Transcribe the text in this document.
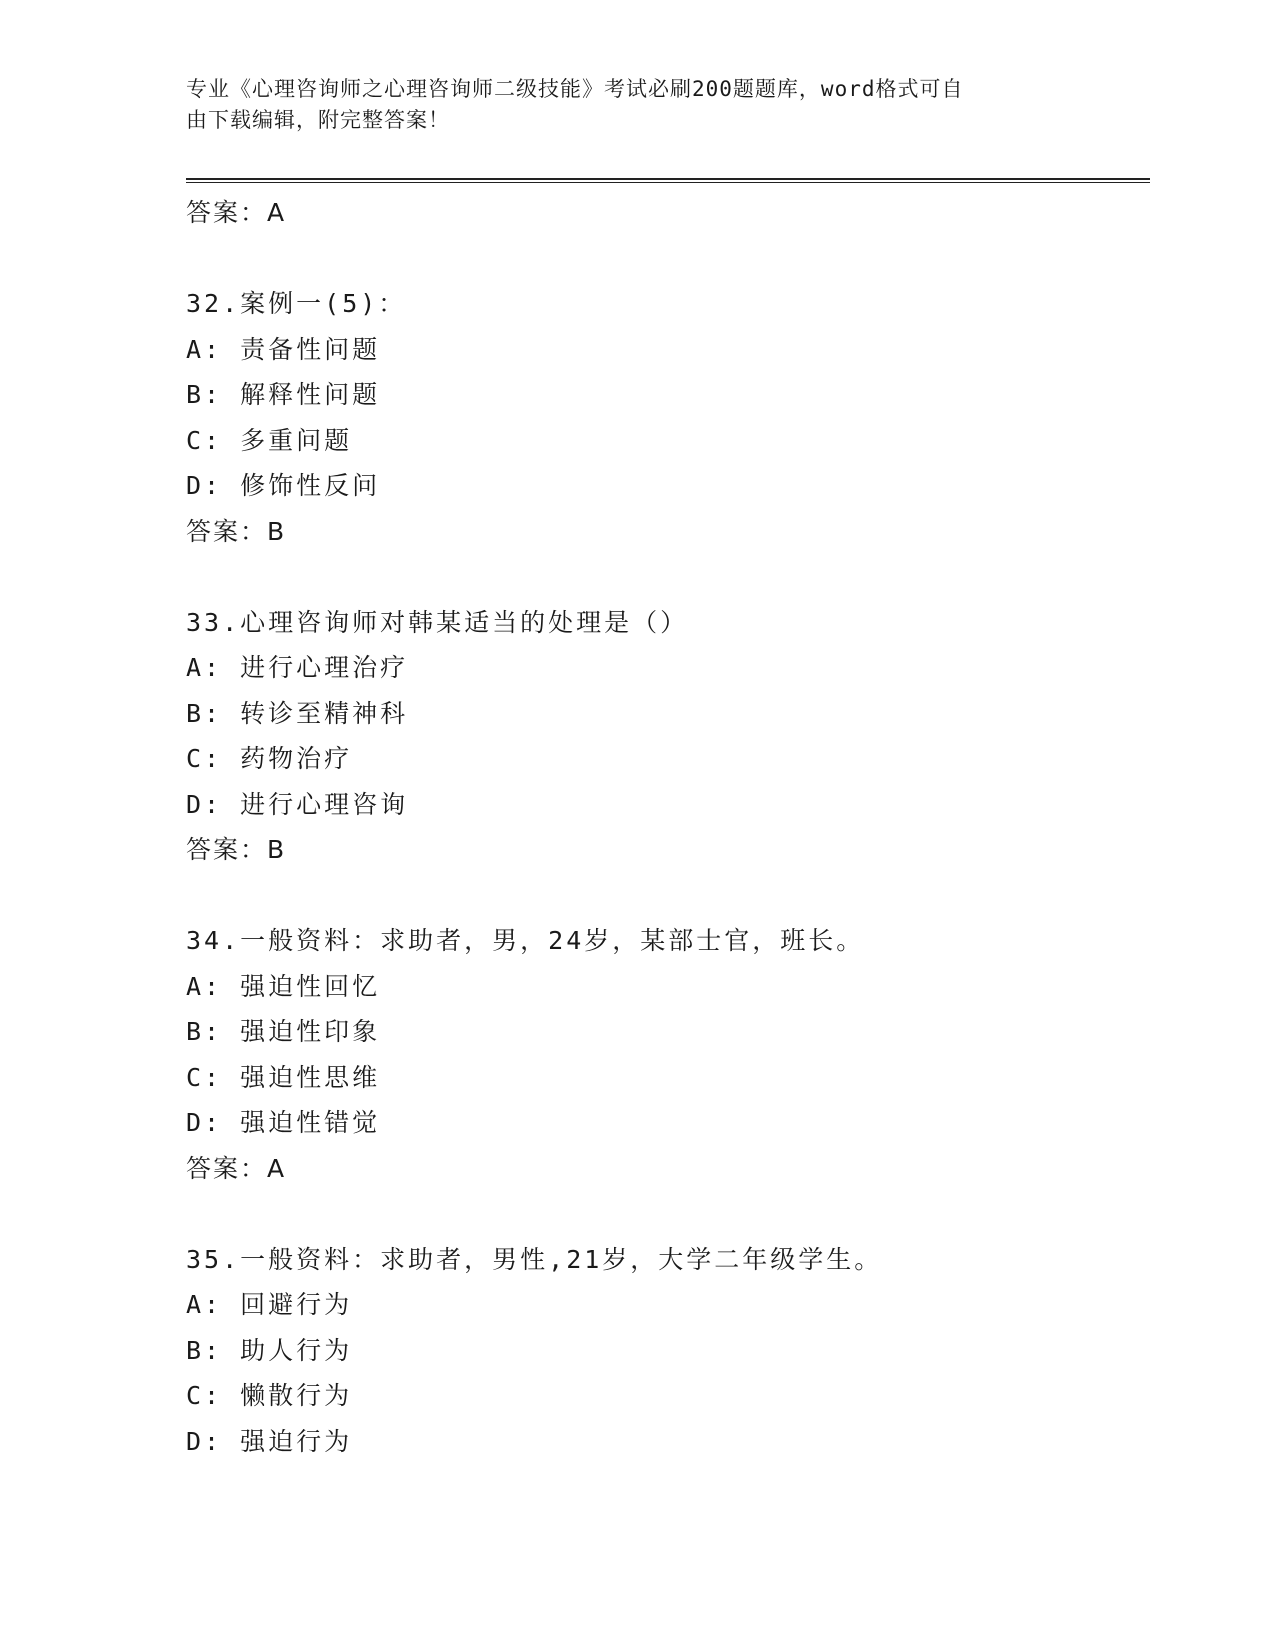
专业《心理咨询师之心理咨询师二级技能》考试必刷200题题库，word格式可自
由下载编辑，附完整答案！
答案：A
32.案例一(5)：
A: 责备性问题
B: 解释性问题
C: 多重问题
D: 修饰性反问
答案：B
33.心理咨询师对韩某适当的处理是（）
A: 进行心理治疗
B: 转诊至精神科
C: 药物治疗
D: 进行心理咨询
答案：B
34.一般资料：求助者，男，24岁，某部士官，班长。
A: 强迫性回忆
B: 强迫性印象
C: 强迫性思维
D: 强迫性错觉
答案：A
35.一般资料：求助者，男性,21岁，大学二年级学生。
A: 回避行为
B: 助人行为
C: 懒散行为
D: 强迫行为
